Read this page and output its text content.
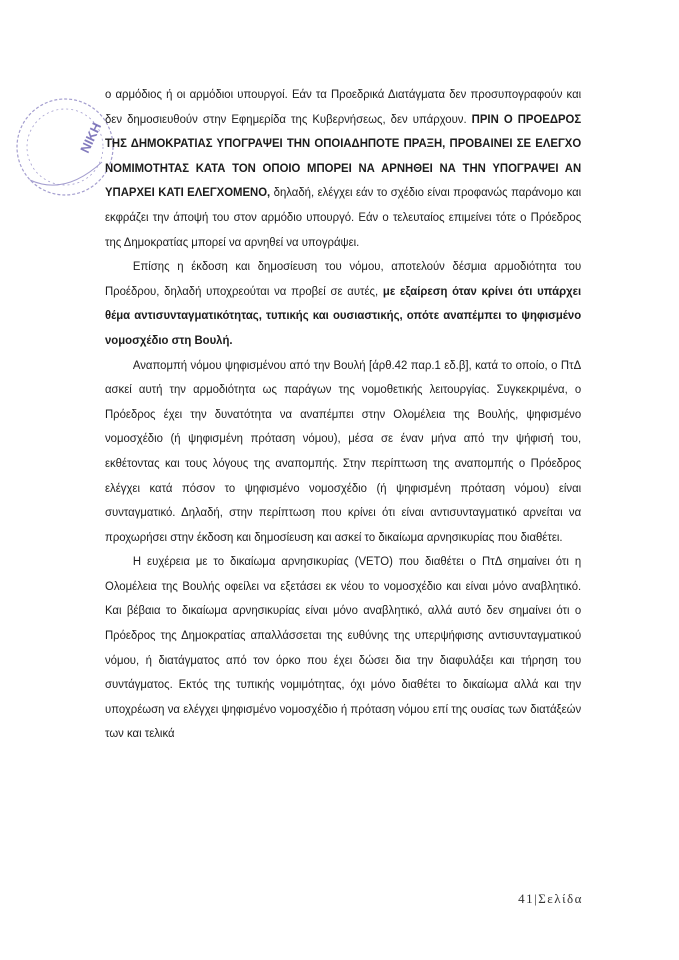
ΝΙΚΗ

ο αρμόδιος ή οι αρμόδιοι υπουργοί. Εάν τα Προεδρικά Διατάγματα δεν προσυπογραφούν και δεν δημοσιευθούν στην Εφημερίδα της Κυβερνήσεως, δεν υπάρχουν. ΠΡΙΝ Ο ΠΡΟΕΔΡΟΣ ΤΗΣ ΔΗΜΟΚΡΑΤΙΑΣ ΥΠΟΓΡΑΨΕΙ ΤΗΝ ΟΠΟΙΑΔΗΠΟΤΕ ΠΡΑΞΗ, ΠΡΟΒΑΙΝΕΙ ΣΕ ΕΛΕΓΧΟ ΝΟΜΙΜΟΤΗΤΑΣ ΚΑΤΑ ΤΟΝ ΟΠΟΙΟ ΜΠΟΡΕΙ ΝΑ ΑΡΝΗΘΕΙ ΝΑ ΤΗΝ ΥΠΟΓΡΑΨΕΙ ΑΝ ΥΠΑΡΧΕΙ ΚΑΤΙ ΕΛΕΓΧΟΜΕΝΟ, δηλαδή, ελέγχει εάν το σχέδιο είναι προφανώς παράνομο και εκφράζει την άποψή του στον αρμόδιο υπουργό. Εάν ο τελευταίος επιμείνει τότε ο Πρόεδρος της Δημοκρατίας μπορεί να αρνηθεί να υπογράψει.

Επίσης η έκδοση και δημοσίευση του νόμου, αποτελούν δέσμια αρμοδιότητα του Προέδρου, δηλαδή υποχρεούται να προβεί σε αυτές, με εξαίρεση όταν κρίνει ότι υπάρχει θέμα αντισυνταγματικότητας, τυπικής και ουσιαστικής, οπότε αναπέμπει το ψηφισμένο νομοσχέδιο στη Βουλή.

Αναπομπή νόμου ψηφισμένου από την Βουλή [άρθ.42 παρ.1 εδ.β], κατά το οποίο, ο ΠτΔ ασκεί αυτή την αρμοδιότητα ως παράγων της νομοθετικής λειτουργίας. Συγκεκριμένα, ο Πρόεδρος έχει την δυνατότητα να αναπέμπει στην Ολομέλεια της Βουλής, ψηφισμένο νομοσχέδιο (ή ψηφισμένη πρόταση νόμου), μέσα σε έναν μήνα από την ψήφισή του, εκθέτοντας και τους λόγους της αναπομπής. Στην περίπτωση της αναπομπής ο Πρόεδρος ελέγχει κατά πόσον το ψηφισμένο νομοσχέδιο (ή ψηφισμένη πρόταση νόμου) είναι συνταγματικό. Δηλαδή, στην περίπτωση που κρίνει ότι είναι αντισυνταγματικό αρνείται να προχωρήσει στην έκδοση και δημοσίευση και ασκεί το δικαίωμα αρνησικυρίας που διαθέτει.

Η ευχέρεια με το δικαίωμα αρνησικυρίας (VETO) που διαθέτει ο ΠτΔ σημαίνει ότι η Ολομέλεια της Βουλής οφείλει να εξετάσει εκ νέου το νομοσχέδιο και είναι μόνο αναβλητικό. Και βέβαια το δικαίωμα αρνησικυρίας είναι μόνο αναβλητικό, αλλά αυτό δεν σημαίνει ότι ο Πρόεδρος της Δημοκρατίας απαλλάσσεται της ευθύνης της υπερψήφισης αντισυνταγματικού νόμου, ή διατάγματος από τον όρκο που έχει δώσει δια την διαφυλάξει και τήρηση του συντάγματος. Εκτός της τυπικής νομιμότητας, όχι μόνο διαθέτει το δικαίωμα αλλά και την υποχρέωση να ελέγχει ψηφισμένο νομοσχέδιο ή πρόταση νόμου επί της ουσίας των διατάξεών των και τελικά

41|Σελίδα
